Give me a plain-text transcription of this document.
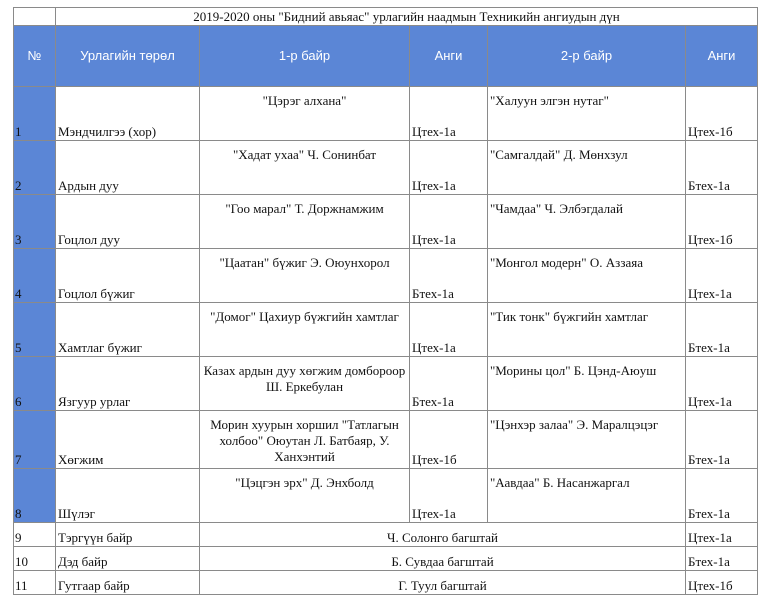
	2019-2020 оны "Бидний авьяас" урлагийн наадмын Техникийн ангиудын дүн				
№	Урлагийн төрөл	1-р байр	Анги	2-р байр	Анги
1	Мэндчилгээ (хор)	"Цэрэг алхана"	Цтех-1а	"Халуун элгэн нутаг"	Цтех-1б
2	Ардын дуу	"Хадат ухаа" Ч. Сонинбат	Цтех-1а	"Самгалдай" Д. Мөнхзул	Бтех-1а
3	Гоцлол дуу	"Гоо марал" Т. Доржнамжим	Цтех-1а	"Чамдаа" Ч. Элбэгдалай	Цтех-1б
4	Гоцлол бүжиг	"Цаатан" бүжиг Э. Оюунхорол	Бтех-1а	"Монгол модерн" О. Аззаяа	Цтех-1а
5	Хамтлаг бүжиг	"Домог" Цахиур бүжгийн хамтлаг	Цтех-1а	"Тик тонк" бүжгийн хамтлаг	Бтех-1а
6	Язгуур урлаг	Казах ардын дуу хөгжим домбороор Ш. Еркебулан	Бтех-1а	"Морины цол" Б. Цэнд-Аюуш	Цтех-1а
7	Хөгжим	Морин хуурын хоршил "Татлагын холбоо" Оюутан Л. Батбаяр, У. Ханхэнтий	Цтех-1б	"Цэнхэр залаа" Э. Маралцэцэг	Бтех-1а
8	Шүлэг	"Цэцгэн эрх" Д. Энхболд	Цтех-1а	"Аавдаа" Б. Насанжаргал	Бтех-1а
9	Тэргүүн байр	Ч. Солонго багштай			Цтех-1а
10	Дэд байр	Б. Сувдаа багштай			Бтех-1а
11	Гутгаар байр	Г. Туул багштай			Цтех-1б
